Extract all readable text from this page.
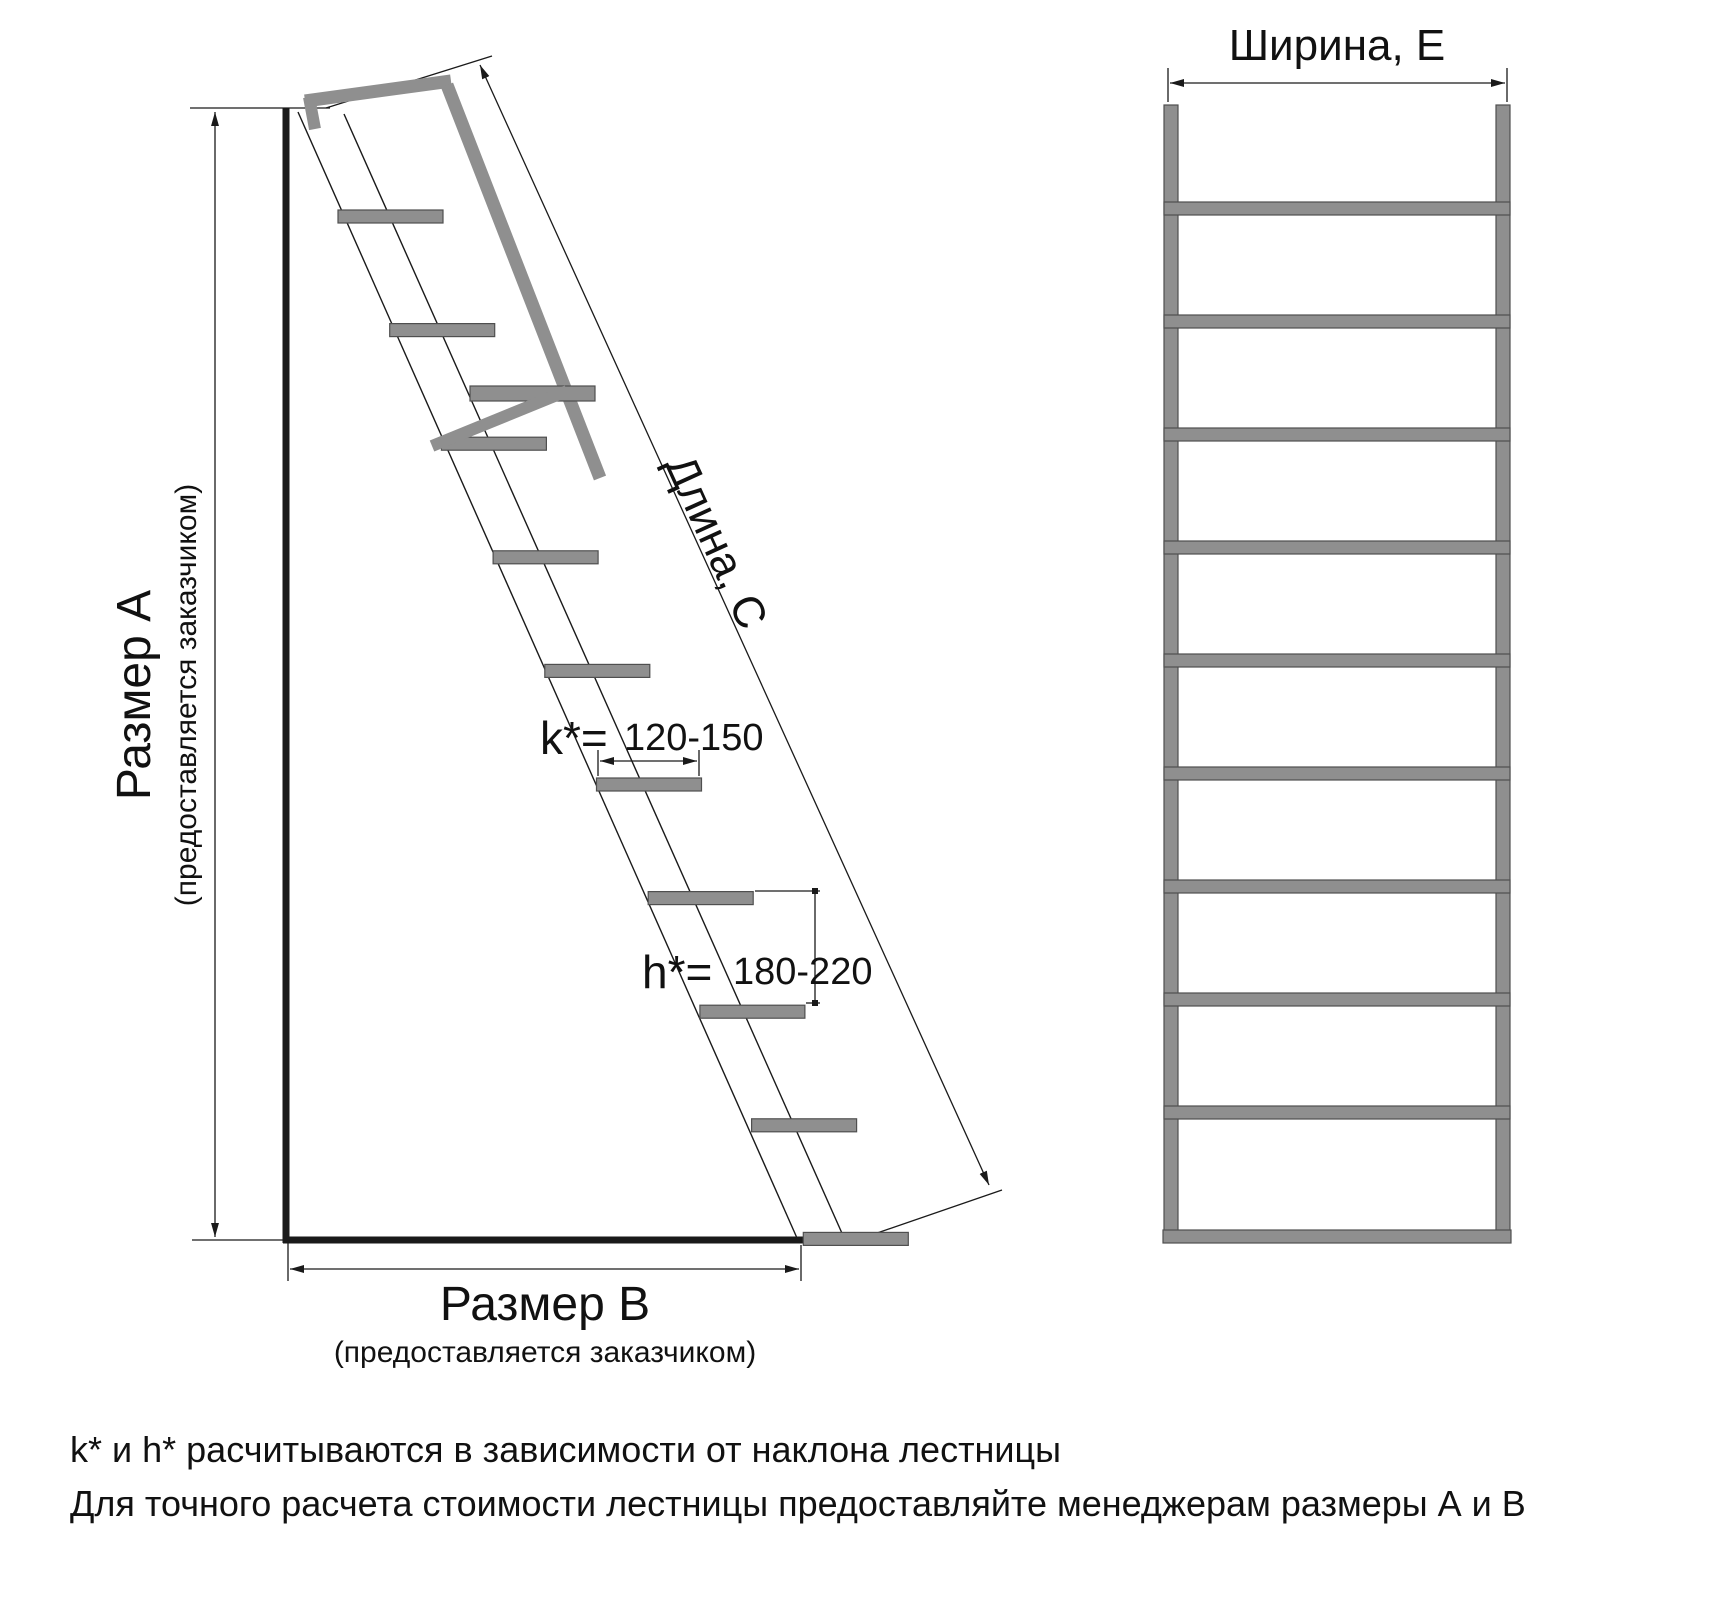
Размер А (предоставляется заказчиком)	Длина, С
k*= 120-150
h*= 180-220
Размер В
(предоставляется заказчиком)
Ширина, Е
k* и h* расчитываются в зависимости от наклона лестницы
Для точного расчета стоимости лестницы предоставляйте менеджерам размеры А и В
